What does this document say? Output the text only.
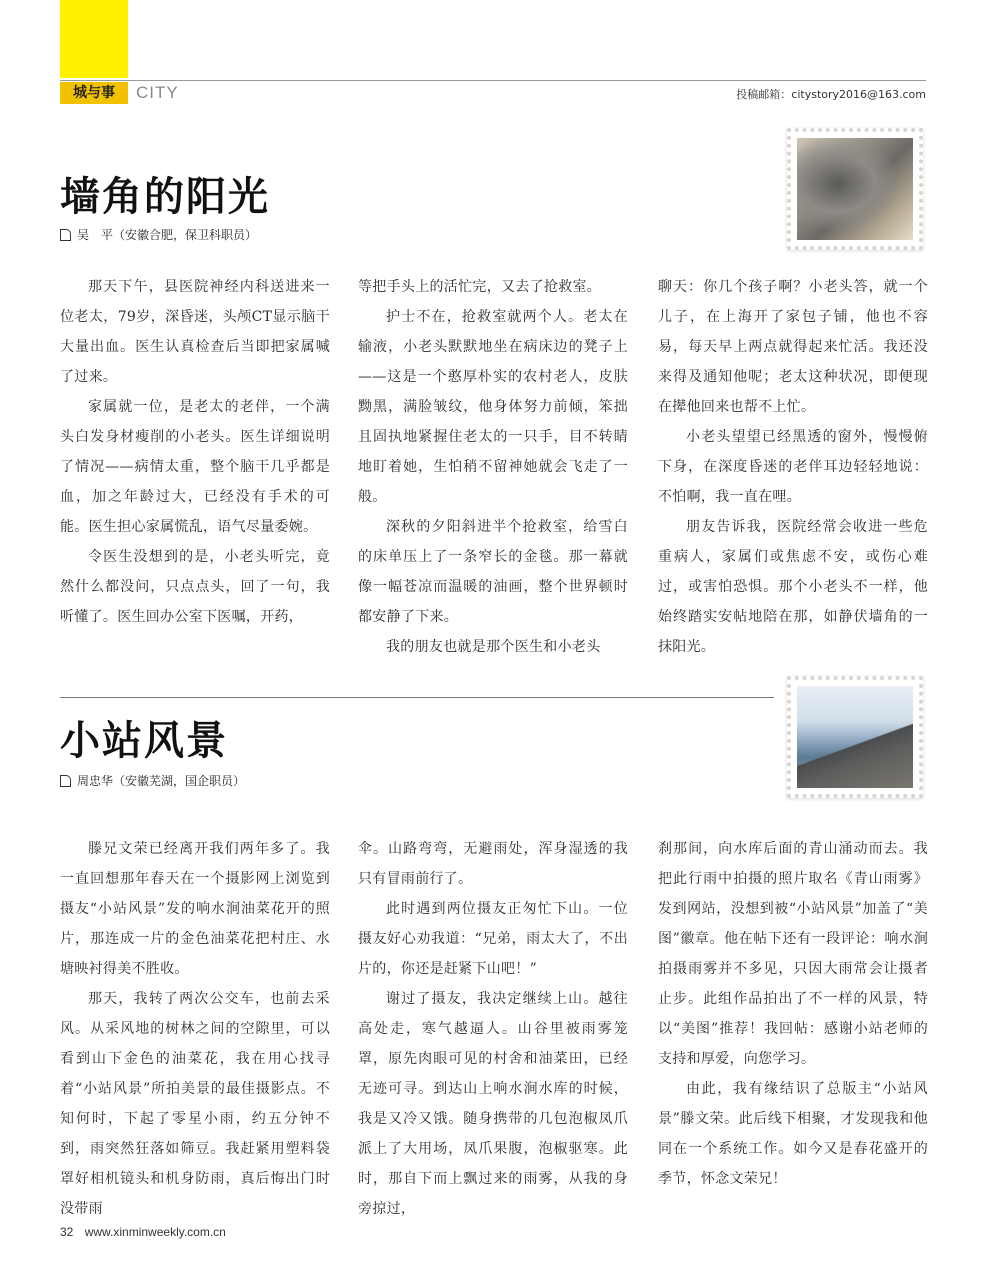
城与事	CITY	投稿邮箱：citystory2016@163.com
墙角的阳光
吴　平（安徽合肥，保卫科职员）

那天下午，县医院神经内科送进来一位老太，79岁，深昏迷，头颅CT显示脑干大量出血。医生认真检查后当即把家属喊了过来。

家属就一位，是老太的老伴，一个满头白发身材瘦削的小老头。医生详细说明了情况——病情太重，整个脑干几乎都是血，加之年龄过大，已经没有手术的可能。医生担心家属慌乱，语气尽量委婉。

令医生没想到的是，小老头听完，竟然什么都没问，只点点头，回了一句，我听懂了。医生回办公室下医嘱，开药，

等把手头上的活忙完，又去了抢救室。

护士不在，抢救室就两个人。老太在输液，小老头默默地坐在病床边的凳子上——这是一个憨厚朴实的农村老人，皮肤黝黑，满脸皱纹，他身体努力前倾，笨拙且固执地紧握住老太的一只手，目不转睛地盯着她，生怕稍不留神她就会飞走了一般。

深秋的夕阳斜进半个抢救室，给雪白的床单压上了一条窄长的金毯。那一幕就像一幅苍凉而温暖的油画，整个世界顿时都安静了下来。

我的朋友也就是那个医生和小老头

聊天：你几个孩子啊？小老头答，就一个儿子，在上海开了家包子铺，他也不容易，每天早上两点就得起来忙活。我还没来得及通知他呢；老太这种状况，即便现在撵他回来也帮不上忙。

小老头望望已经黑透的窗外，慢慢俯下身，在深度昏迷的老伴耳边轻轻地说：不怕啊，我一直在哩。

朋友告诉我，医院经常会收进一些危重病人，家属们或焦虑不安，或伤心难过，或害怕恐惧。那个小老头不一样，他始终踏实安帖地陪在那，如静伏墙角的一抹阳光。

小站风景
周忠华（安徽芜湖，国企职员）

滕兄文荣已经离开我们两年多了。我一直回想那年春天在一个摄影网上浏览到摄友“小站风景”发的响水涧油菜花开的照片，那连成一片的金色油菜花把村庄、水塘映衬得美不胜收。

那天，我转了两次公交车，也前去采风。从采风地的树林之间的空隙里，可以看到山下金色的油菜花，我在用心找寻着“小站风景”所拍美景的最佳摄影点。不知何时，下起了零星小雨，约五分钟不到，雨突然狂落如筛豆。我赶紧用塑料袋罩好相机镜头和机身防雨，真后悔出门时没带雨

伞。山路弯弯，无避雨处，浑身湿透的我只有冒雨前行了。

此时遇到两位摄友正匆忙下山。一位摄友好心劝我道：“兄弟，雨太大了，不出片的，你还是赶紧下山吧！”

谢过了摄友，我决定继续上山。越往高处走，寒气越逼人。山谷里被雨雾笼罩，原先肉眼可见的村舍和油菜田，已经无迹可寻。到达山上响水涧水库的时候，我是又冷又饿。随身携带的几包泡椒凤爪派上了大用场，凤爪果腹，泡椒驱寒。此时，那自下而上飘过来的雨雾，从我的身旁掠过，

刹那间，向水库后面的青山涌动而去。我把此行雨中拍摄的照片取名《青山雨雾》发到网站，没想到被“小站风景”加盖了“美图”徽章。他在帖下还有一段评论：响水涧拍摄雨雾并不多见，只因大雨常会让摄者止步。此组作品拍出了不一样的风景，特以“美图”推荐！我回帖：感谢小站老师的支持和厚爱，向您学习。

由此，我有缘结识了总版主“小站风景”滕文荣。此后线下相聚，才发现我和他同在一个系统工作。如今又是春花盛开的季节，怀念文荣兄！

32 www.xinminweekly.com.cn
